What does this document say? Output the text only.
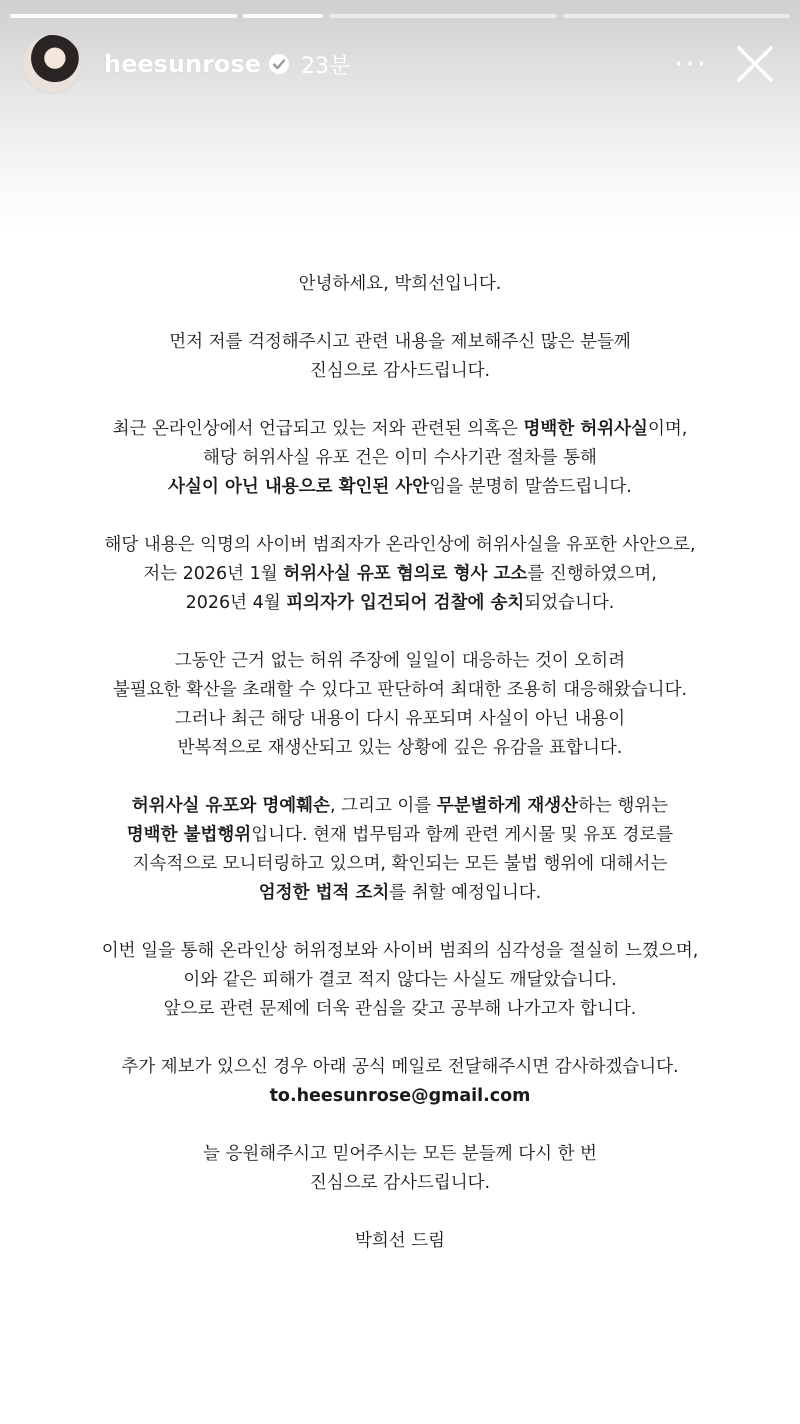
heesunrose 23분	···

안녕하세요, 박희선입니다.

먼저 저를 걱정해주시고 관련 내용을 제보해주신 많은 분들께
진심으로 감사드립니다.

최근 온라인상에서 언급되고 있는 저와 관련된 의혹은 명백한 허위사실이며,
해당 허위사실 유포 건은 이미 수사기관 절차를 통해
사실이 아닌 내용으로 확인된 사안임을 분명히 말씀드립니다.

해당 내용은 익명의 사이버 범죄자가 온라인상에 허위사실을 유포한 사안으로,
저는 2026년 1월 허위사실 유포 혐의로 형사 고소를 진행하였으며,
2026년 4월 피의자가 입건되어 검찰에 송치되었습니다.

그동안 근거 없는 허위 주장에 일일이 대응하는 것이 오히려
불필요한 확산을 초래할 수 있다고 판단하여 최대한 조용히 대응해왔습니다.
그러나 최근 해당 내용이 다시 유포되며 사실이 아닌 내용이
반복적으로 재생산되고 있는 상황에 깊은 유감을 표합니다.

허위사실 유포와 명예훼손, 그리고 이를 무분별하게 재생산하는 행위는
명백한 불법행위입니다. 현재 법무팀과 함께 관련 게시물 및 유포 경로를
지속적으로 모니터링하고 있으며, 확인되는 모든 불법 행위에 대해서는
엄정한 법적 조치를 취할 예정입니다.

이번 일을 통해 온라인상 허위정보와 사이버 범죄의 심각성을 절실히 느꼈으며,
이와 같은 피해가 결코 적지 않다는 사실도 깨달았습니다.
앞으로 관련 문제에 더욱 관심을 갖고 공부해 나가고자 합니다.

추가 제보가 있으신 경우 아래 공식 메일로 전달해주시면 감사하겠습니다.
to.heesunrose@gmail.com

늘 응원해주시고 믿어주시는 모든 분들께 다시 한 번
진심으로 감사드립니다.

박희선 드림
